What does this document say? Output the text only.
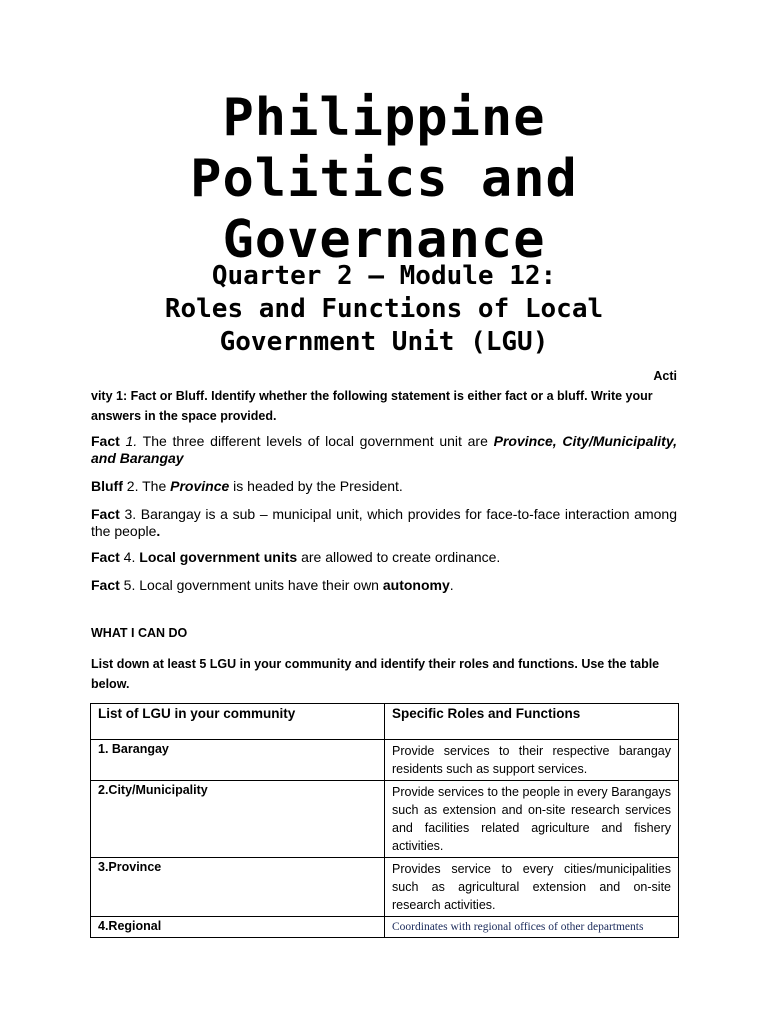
Philippine
Politics and
Governance
Quarter 2 – Module 12:
Roles and Functions of Local
Government Unit (LGU)
Acti
vity 1: Fact or Bluff. Identify whether the following statement is either fact or a bluff. Write your answers in the space provided.
Fact 1. The three different levels of local government unit are Province, City/Municipality, and Barangay
Bluff 2. The Province is headed by the President.
Fact 3. Barangay is a sub – municipal unit, which provides for face-to-face interaction among the people.
Fact 4. Local government units are allowed to create ordinance.
Fact 5. Local government units have their own autonomy.
WHAT I CAN DO
List down at least 5 LGU in your community and identify their roles and functions. Use the table below.
List of LGU in your community	Specific Roles and Functions
1. Barangay	Provide services to their respective barangay residents such as support services.
2.City/Municipality	Provide services to the people in every Barangays such as extension and on-site research services and facilities related agriculture and fishery activities.
3.Province	Provides service to every cities/municipalities such as agricultural extension and on-site research activities.
4.Regional	Coordinates with regional offices of other departments
